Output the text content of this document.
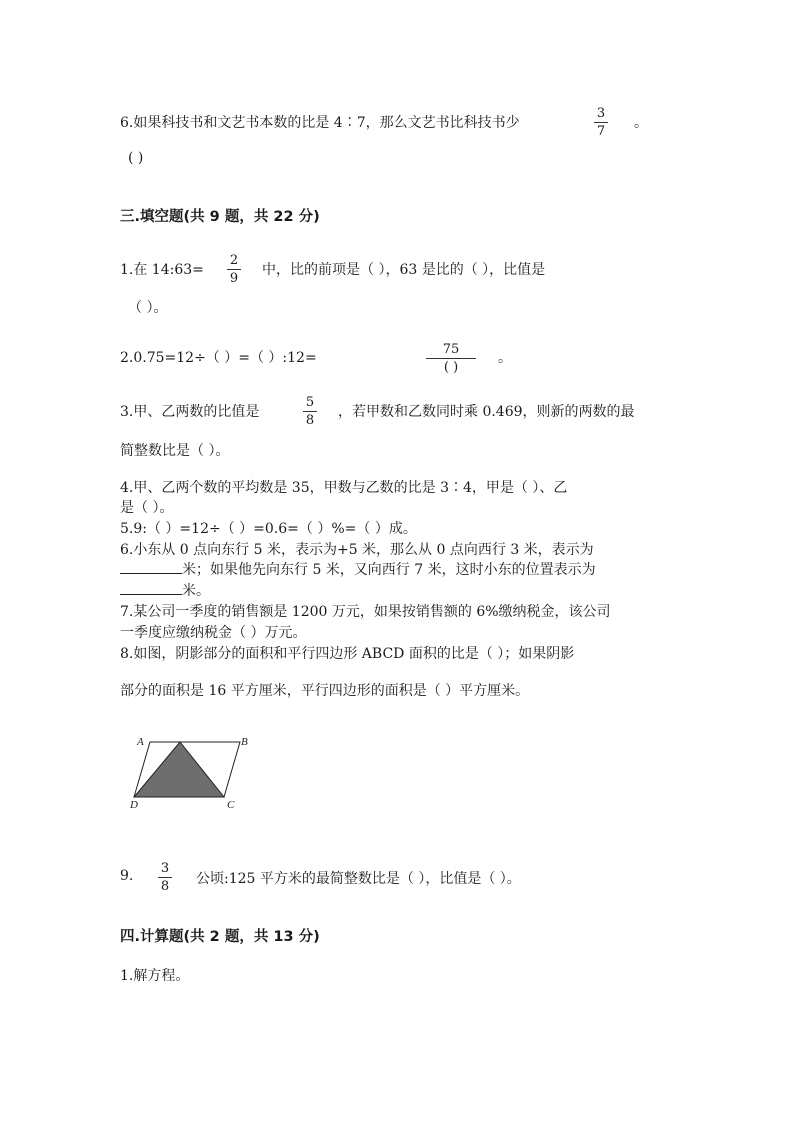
6.如果科技书和文艺书本数的比是 4∶7，那么文艺书比科技书少
3
7
。
( )
三.填空题(共 9 题，共 22 分)
1.在 14:63=
2
9
中，比的前项是（ ），63 是比的（ ），比值是
（ ）。
2.0.75=12÷（ ）=（ ）:12=
75
( )
。
3.甲、乙两数的比值是
5
8
，若甲数和乙数同时乘 0.469，则新的两数的最
简整数比是（ ）。
4.甲、乙两个数的平均数是 35，甲数与乙数的比是 3∶4，甲是（ ）、乙
是（ ）。
5.9:（ ）=12÷（ ）=0.6=（ ）%=（ ）成。
6.小东从 0 点向东行 5 米，表示为+5 米，那么从 0 点向西行 3 米，表示为
米；如果他先向东行 5 米，又向西行 7 米，这时小东的位置表示为
米。
7.某公司一季度的销售额是 1200 万元，如果按销售额的 6%缴纳税金，该公司
一季度应缴纳税金（ ）万元。
8.如图，阴影部分的面积和平行四边形 ABCD 面积的比是（ ）；如果阴影
部分的面积是 16 平方厘米，平行四边形的面积是（ ）平方厘米。
A	B
C
D
9. 3
8 公顷:125 平方米的最简整数比是（ ），比值是（ ）。
四.计算题(共 2 题，共 13 分)
1.解方程。
